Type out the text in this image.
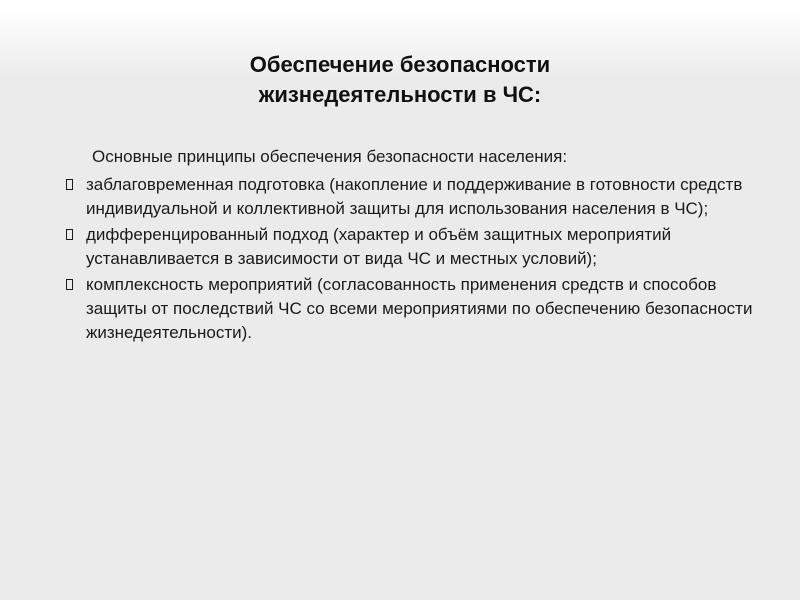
Обеспечение безопасности
жизнедеятельности в ЧС:
Основные принципы обеспечения безопасности населения:
заблаговременная подготовка (накопление и поддерживание в готовности средств индивидуальной и коллективной защиты для использования населения в ЧС);
дифференцированный подход (характер и объём защитных мероприятий устанавливается в зависимости от вида ЧС и местных условий);
комплексность мероприятий (согласованность применения средств и способов защиты от последствий ЧС со всеми мероприятиями по обеспечению безопасности жизнедеятельности).
